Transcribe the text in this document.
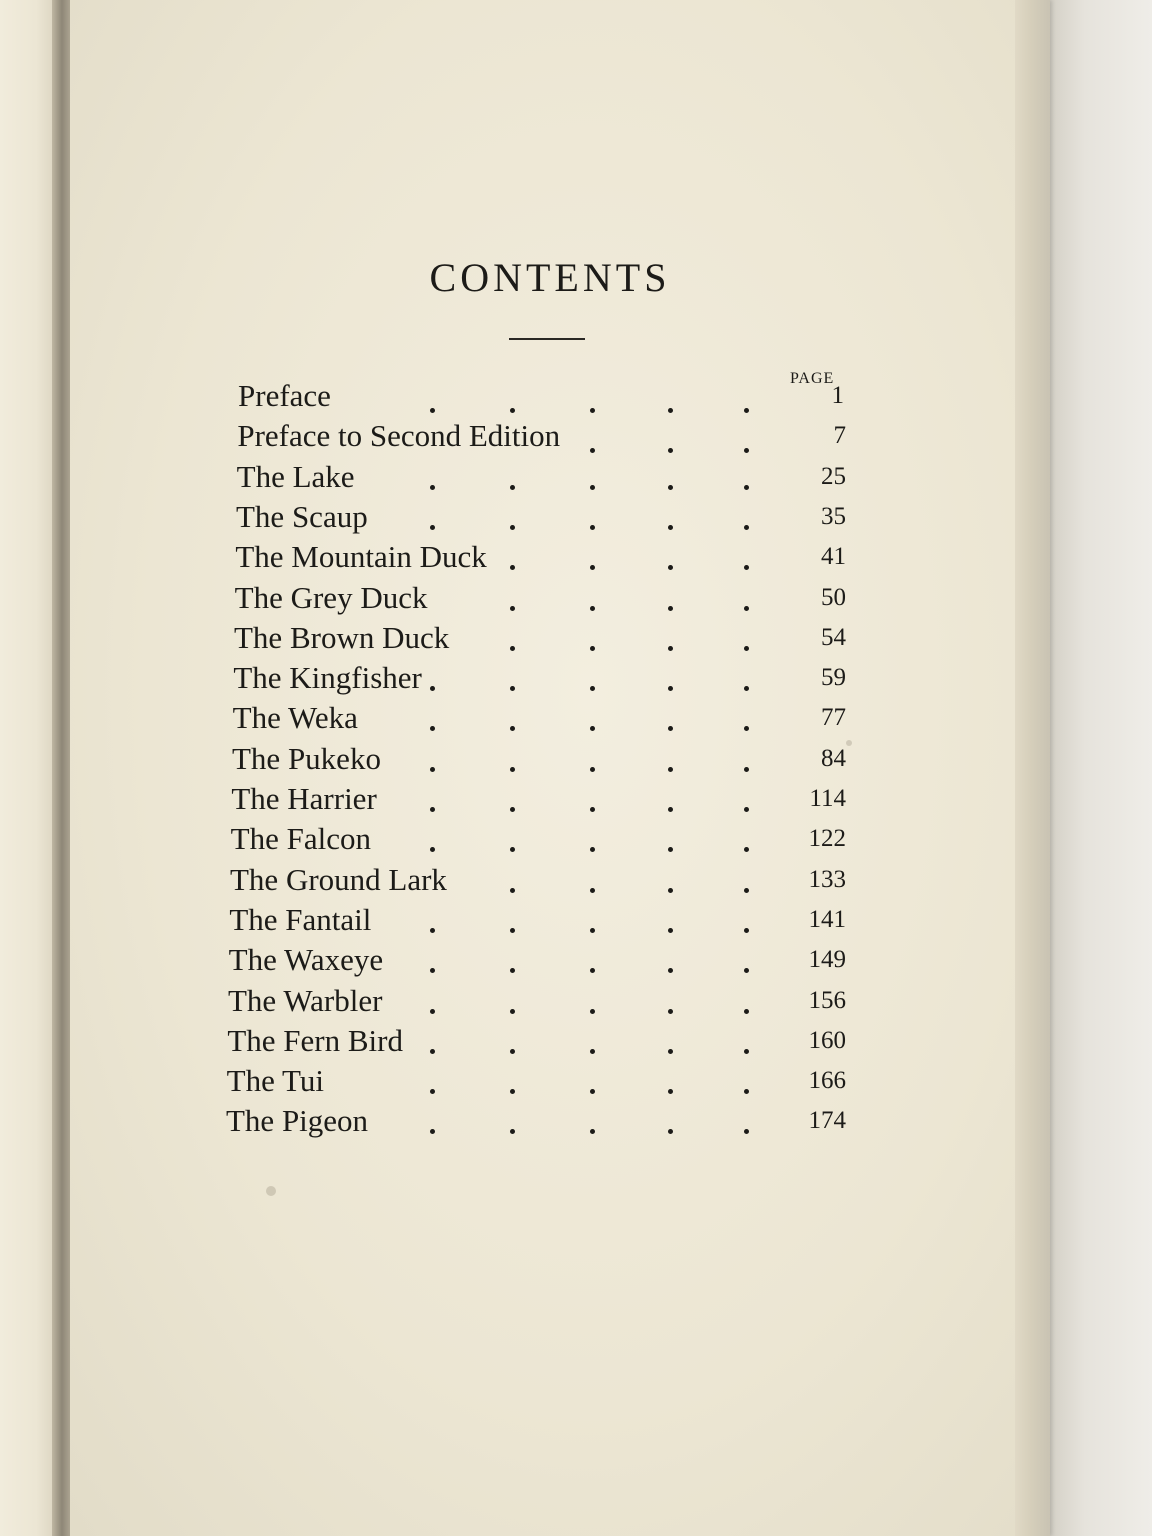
CONTENTS
PAGE
Preface	1
Preface to Second Edition	7
The Lake	25
The Scaup	35
The Mountain Duck	41
The Grey Duck	50
The Brown Duck	54
The Kingfisher	59
The Weka	77
The Pukeko	84
The Harrier	114
The Falcon	122
The Ground Lark	133
The Fantail	141
The Waxeye	149
The Warbler	156
The Fern Bird	160
The Tui	166
The Pigeon	174
